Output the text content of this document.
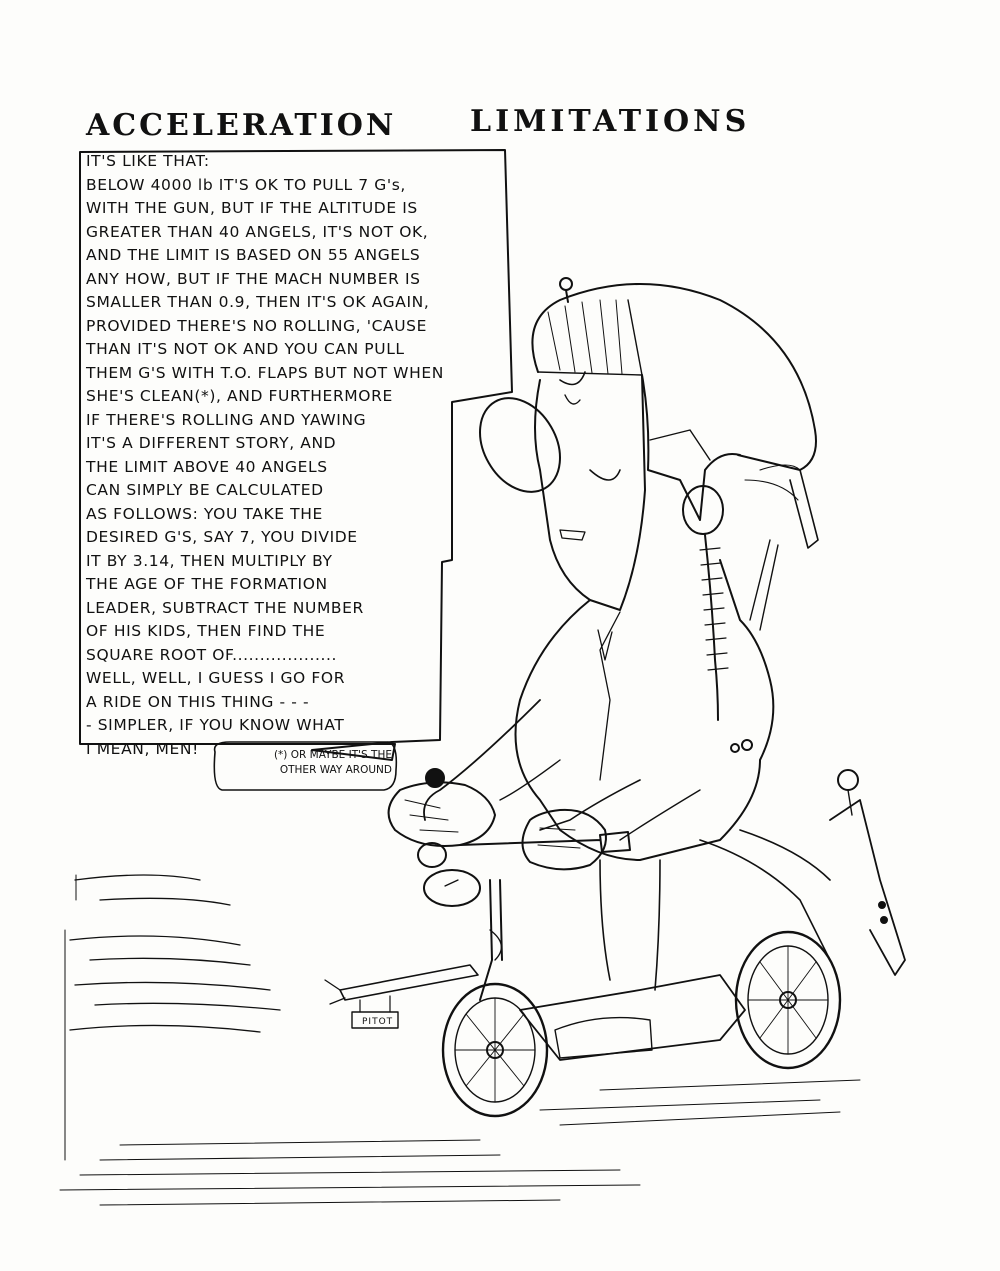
ACCELERATION LIMITATIONS
IT'S LIKE THAT:
BELOW 4000 lb IT'S OK TO PULL 7 G's,
WITH THE GUN, BUT IF THE ALTITUDE IS
GREATER THAN 40 ANGELS, IT'S NOT OK,
AND THE LIMIT IS BASED ON 55 ANGELS
ANY HOW, BUT IF THE MACH NUMBER IS
SMALLER THAN 0.9, THEN IT'S OK AGAIN,
PROVIDED THERE'S NO ROLLING, 'CAUSE
THAN IT'S NOT OK AND YOU CAN PULL
THEM G'S WITH T.O. FLAPS BUT NOT WHEN
SHE'S CLEAN(*), AND FURTHERMORE
IF THERE'S ROLLING AND YAWING
IT'S A DIFFERENT STORY, AND
THE LIMIT ABOVE 40 ANGELS
CAN SIMPLY BE CALCULATED
AS FOLLOWS: YOU TAKE THE
DESIRED G'S, SAY 7, YOU DIVIDE
IT BY 3.14, THEN MULTIPLY BY
THE AGE OF THE FORMATION
LEADER, SUBTRACT THE NUMBER
OF HIS KIDS, THEN FIND THE
SQUARE ROOT OF...................
WELL, WELL, I GUESS I GO FOR
A RIDE ON THIS THING - - -
- SIMPLER, IF YOU KNOW WHAT
I MEAN, MEN!	(*) OR MAYBE IT'S THE
OTHER WAY AROUND
PITOT
